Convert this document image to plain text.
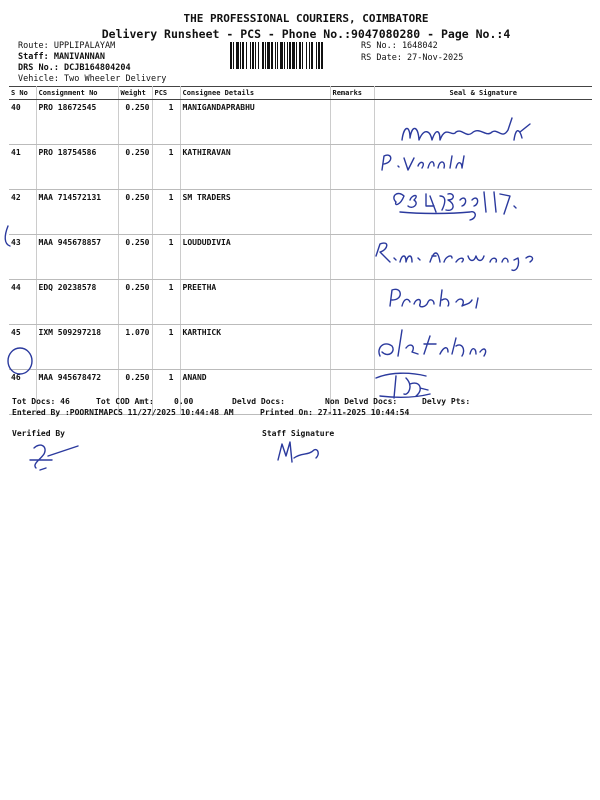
THE PROFESSIONAL COURIERS, COIMBATORE
Delivery Runsheet - PCS - Phone No.:9047080280 - Page No.:4
Route: UPPLIPALAYAM
Staff: MANIVANNAN
DRS No.: DCJB164804204
Vehicle: Two Wheeler Delivery
RS No.: 1648042
RS Date: 27-Nov-2025
S No	Consignment No	Weight	PCS	Consignee Details	Remarks	Seal & Signature
40	PRO 18672545	0.250	1	MANIGANDAPRABHU		
41	PRO 18754586	0.250	1	KATHIRAVAN		
42	MAA 714572131	0.250	1	SM TRADERS		
43	MAA 945678857	0.250	1	LOUDUDIVIA		
44	EDQ 20238578	0.250	1	PREETHA		
45	IXM 509297218	1.070	1	KARTHICK		
46	MAA 945678472	0.250	1	ANAND		
Tot Docs: 46	Tot COD Amt:	0.00	Delvd Docs:	Non Delvd Docs:	Delvy Pts:
Entered By :POORNIMAPCS 11/27/2025 10:44:48 AM	Printed On: 27-11-2025 10:44:54
Verified By	Staff Signature
